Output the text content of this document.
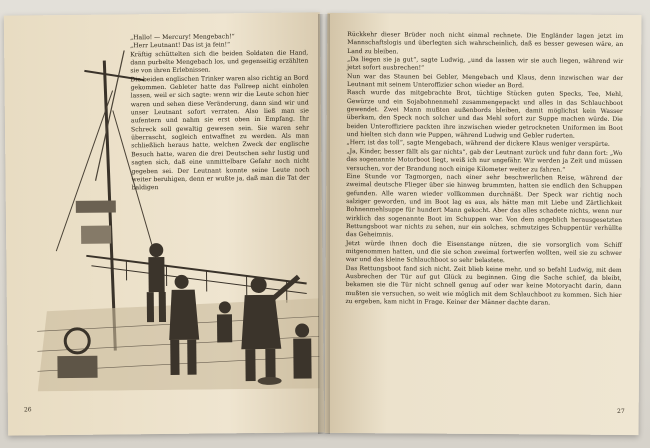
„Hallo! — Mercury! Mengebach!“

„Herr Leutnant! Das ist ja fein!“

Kräftig schüttelten sich die beiden Soldaten die Hand, dann purbelte Mengebach los, und gegenseitig erzählten sie von ihren Erlebnissen.

Die beiden englischen Trinker waren also richtig an Bord gekommen. Gebleter hatte das Fallreep nicht einholen lassen, weil er sich sagte: wenn wir die Leute schon hier waren und sehen diese Veränderung, dann sind wir und unser Leutnant sofort verraten. Also ließ man sie aufentern und nahm sie erst oben in Empfang. Ihr Schreck soll gewaltig gewesen sein. Sie waren sehr überrascht, sogleich entwaffnet zu werden. Als man schließlich heraus hatte, welchen Zweck der englische Besuch hatte, waren die drei Deutschen sehr lustig und sagten sich, daß eine unmittelbare Gefahr noch nicht gegeben sei. Der Leutnant konnte seine Leute noch weiter beruhigen, denn er wußte ja, daß man die Tat der baldigen

26

Rückkehr dieser Brüder noch nicht einmal rechnete. Die Engländer lagen jetzt im Mannschaftslogis und überlegten sich wahrscheinlich, daß es besser gewesen wäre, an Land zu bleiben.

„Da liegen sie ja gut“, sagte Ludwig, „und da lassen wir sie auch liegen, während wir jetzt sofort ausbrechen!“

Nun war das Staunen bei Gebler, Mengebach und Klaus, denn inzwischen war der Leutnant mit seinem Unteroffizier schon wieder an Bord.

Rasch wurde das mitgebrachte Brot, tüchtige Stücken guten Specks, Tee, Mehl, Gewürze und ein Sojabohnenmehl zusammengepackt und alles in das Schlauchboot gewendet. Zwei Mann mußten außenbords bleiben, damit möglichst kein Wasser überkam, den Speck noch solcher und das Mehl sofort zur Suppe machen würde. Die beiden Unteroffiziere packten ihre inzwischen wieder getrockneten Uniformen im Boot und hielten sich dann wie Puppen, während Ludwig und Gebler ruderten.

„Herr, ist das toll“, sagte Mengebach, während der dickere Klaus weniger verspürte.

„Ja, Kinder, besser fällt als gar nichts“, gab der Leutnant zurück und fuhr dann fort: „Wo das sogenannte Motorboot liegt, weiß ich nur ungefähr. Wir werden ja Zeit und müssen versuchen, vor der Brandung noch einige Kilometer weiter zu fahren.“

Eine Stunde vor Tagmorgen, nach einer sehr beschwerlichen Reise, während der zweimal deutsche Flieger über sie hinweg brummten, hatten sie endlich den Schuppen gefunden. Alle waren wieder vollkommen durchnäßt. Der Speck war richtig noch salziger geworden, und im Boot lag es aus, als hätte man mit Liebe und Zärtlichkeit Bohnenmehlsuppe für hundert Mann gekocht. Aber das alles schadete nichts, wenn nur wirklich das sogenannte Boot im Schuppen war. Von dem angeblich herausgesetzten Rettungsboot war nichts zu sehen, nur ein solches, schmutziges Schuppentür verhüllte das Geheimnis.

Jetzt würde ihnen doch die Eisenstange nützen, die sie vorsorglich vom Schiff mitgenommen hatten, und die sie schon zweimal fortwerfen wollten, weil sie zu schwer war und das kleine Schlauchboot so sehr belastete.

Das Rettungsboot fand sich nicht. Zeit blieb keine mehr, und so befahl Ludwig, mit dem Ausbrechen der Tür auf gut Glück zu beginnen. Ging die Sache schief, da bleibt, bekamen sie die Tür nicht schnell genug auf oder war keine Motoryacht darin, dann mußten sie versuchen, so weit wie möglich mit dem Schlauchboot zu kommen. Sich hier zu ergeben, kam nicht in Frage. Keiner der Männer dachte daran.

27
